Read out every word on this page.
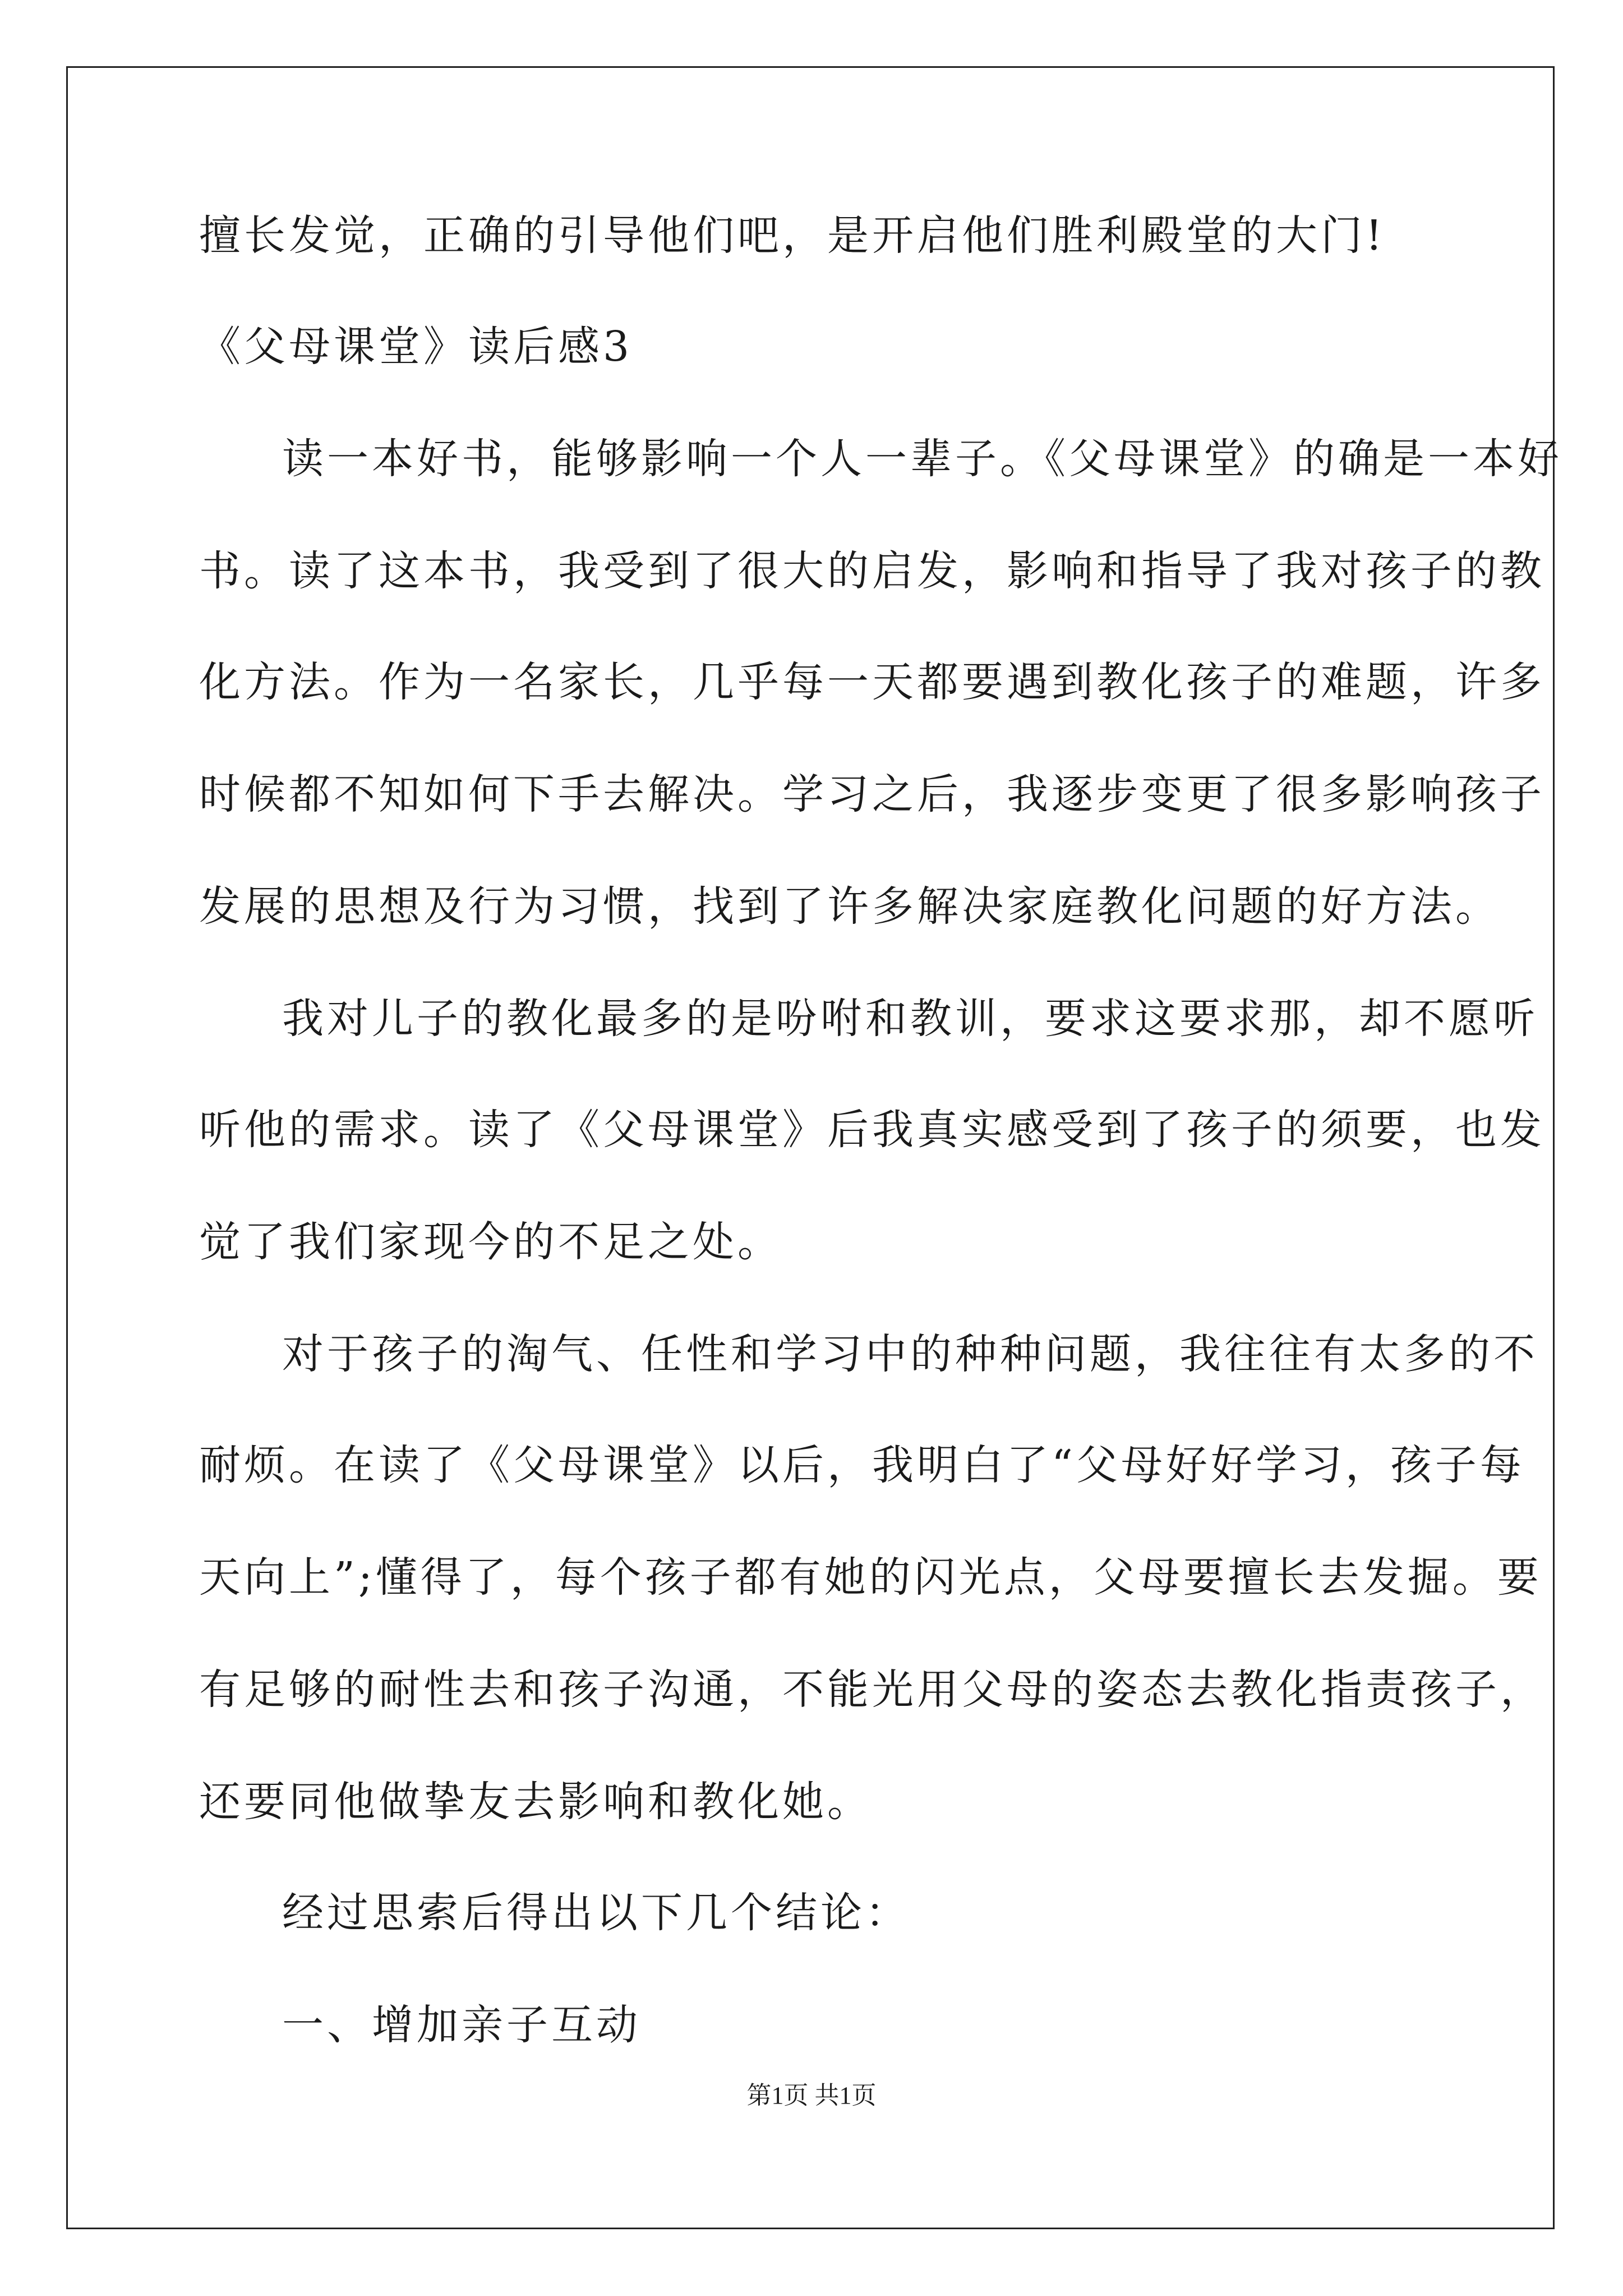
擅长发觉，正确的引导他们吧，是开启他们胜利殿堂的大门!
《父母课堂》读后感3
读一本好书，能够影响一个人一辈子。《父母课堂》的确是一本好
书。读了这本书，我受到了很大的启发，影响和指导了我对孩子的教
化方法。作为一名家长，几乎每一天都要遇到教化孩子的难题，许多
时候都不知如何下手去解决。学习之后，我逐步变更了很多影响孩子
发展的思想及行为习惯，找到了许多解决家庭教化问题的好方法。
我对儿子的教化最多的是吩咐和教训，要求这要求那，却不愿听
听他的需求。读了《父母课堂》后我真实感受到了孩子的须要，也发
觉了我们家现今的不足之处。
对于孩子的淘气、任性和学习中的种种问题，我往往有太多的不
耐烦。在读了《父母课堂》以后，我明白了“父母好好学习，孩子每
天向上”;懂得了，每个孩子都有她的闪光点，父母要擅长去发掘。要
有足够的耐性去和孩子沟通，不能光用父母的姿态去教化指责孩子，
还要同他做挚友去影响和教化她。
经过思索后得出以下几个结论：
一、增加亲子互动
第1页 共1页
